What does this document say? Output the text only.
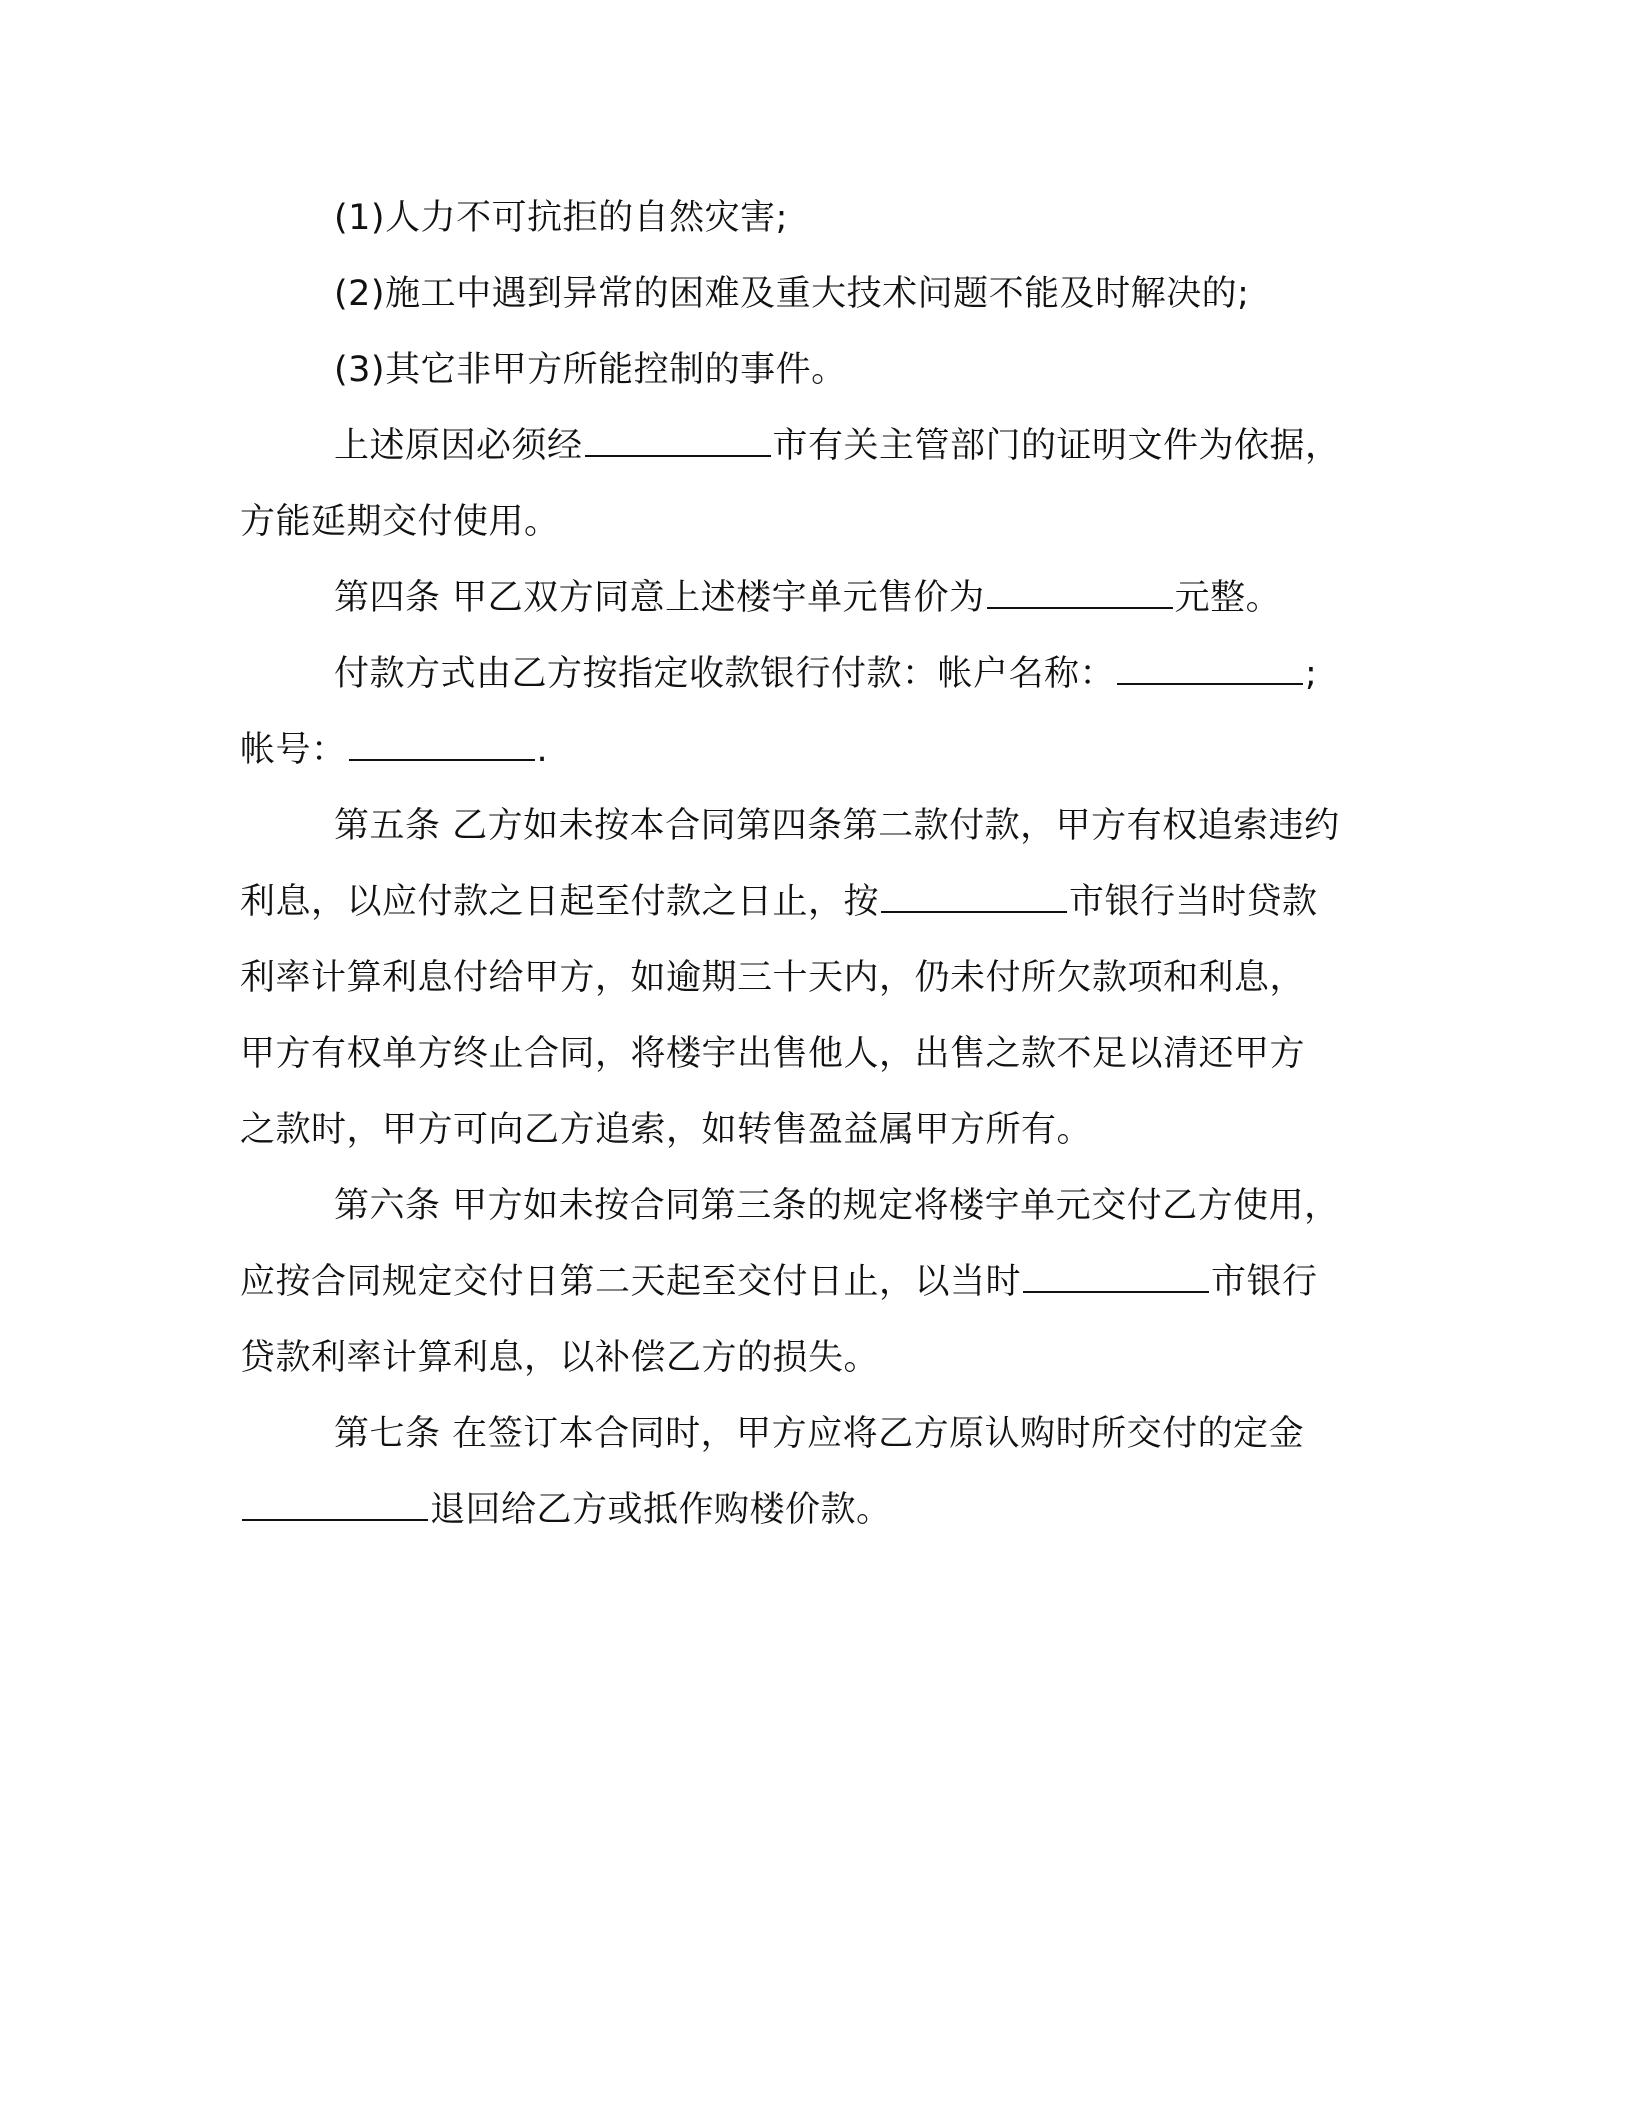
(1)人力不可抗拒的自然灾害;
(2)施工中遇到异常的困难及重大技术问题不能及时解决的;
(3)其它非甲方所能控制的事件。
上述原因必须经	市有关主管部门的证明文件为依据，
方能延期交付使用。
第四条 甲乙双方同意上述楼宇单元售价为	元整。
付款方式由乙方按指定收款银行付款：帐户名称：	;
帐号：	.
第五条 乙方如未按本合同第四条第二款付款，甲方有权追索违约
利息，以应付款之日起至付款之日止，按	市银行当时贷款
利率计算利息付给甲方，如逾期三十天内，仍未付所欠款项和利息，
甲方有权单方终止合同，将楼宇出售他人，出售之款不足以清还甲方
之款时，甲方可向乙方追索，如转售盈益属甲方所有。
第六条 甲方如未按合同第三条的规定将楼宇单元交付乙方使用，
应按合同规定交付日第二天起至交付日止，以当时	市银行
贷款利率计算利息，以补偿乙方的损失。
第七条 在签订本合同时，甲方应将乙方原认购时所交付的定金
退回给乙方或抵作购楼价款。
